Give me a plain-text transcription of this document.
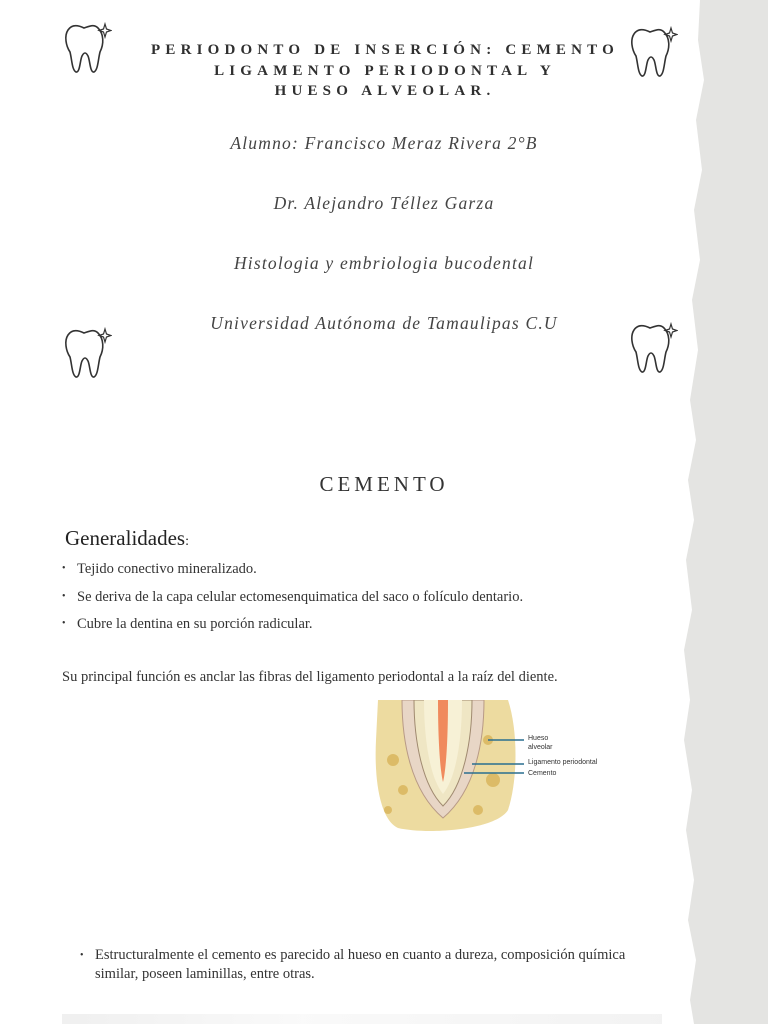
PERIODONTO DE INSERCIÓN: CEMENTO
LIGAMENTO PERIODONTAL Y
HUESO ALVEOLAR.
Alumno: Francisco Meraz Rivera 2°B
Dr. Alejandro Téllez Garza
Histologia y embriologia bucodental
Universidad Autónoma de Tamaulipas C.U
CEMENTO
Generalidades:
• Tejido conectivo mineralizado.
• Se deriva de la capa celular ectomesenquimatica del saco o folículo dentario.
• Cubre la dentina en su porción radicular.
Su principal función es anclar las fibras del ligamento periodontal a la raíz del diente.
Hueso
alveolar
Ligamento periodontal
Cemento
• Estructuralmente el cemento es parecido al hueso en cuanto a dureza, composición química similar, poseen laminillas, entre otras.
